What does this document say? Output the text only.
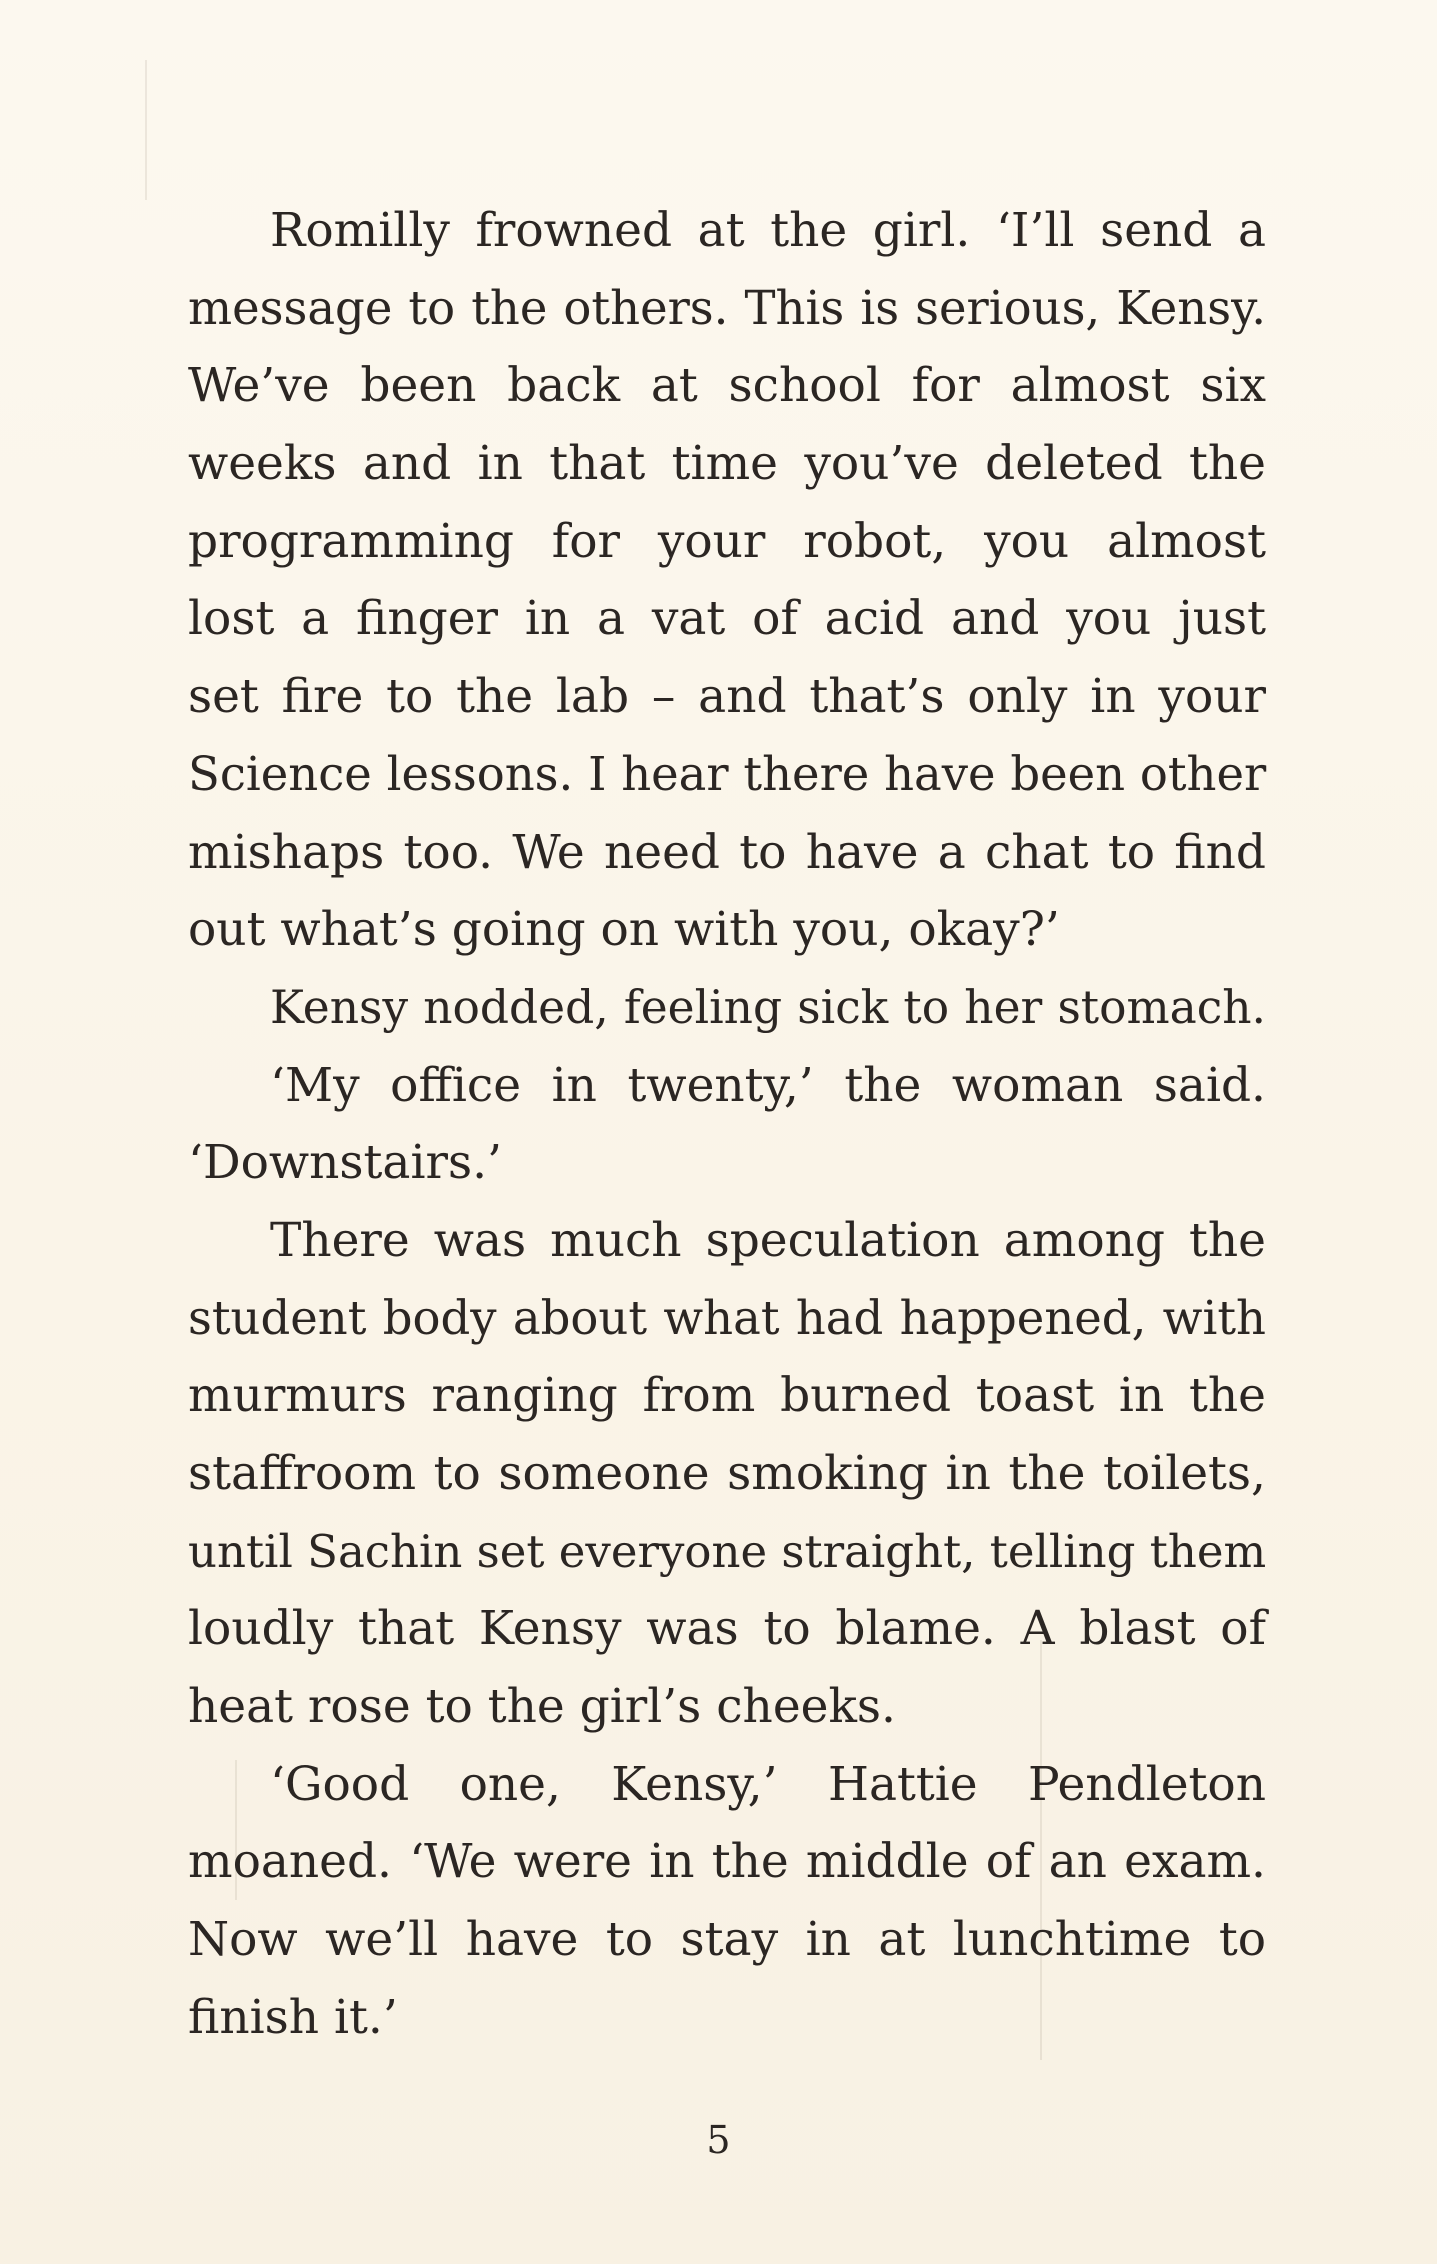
Romilly frowned at the girl. ‘I’ll send a
message to the others. This is serious, Kensy.
We’ve been back at school for almost six
weeks and in that time you’ve deleted the
programming for your robot, you almost
lost a finger in a vat of acid and you just
set fire to the lab – and that’s only in your
Science lessons. I hear there have been other
mishaps too. We need to have a chat to find
out what’s going on with you, okay?’
Kensy nodded, feeling sick to her stomach.
‘My office in twenty,’ the woman said.
‘Downstairs.’
There was much speculation among the
student body about what had happened, with
murmurs ranging from burned toast in the
staffroom to someone smoking in the toilets,
until Sachin set everyone straight, telling them
loudly that Kensy was to blame. A blast of
heat rose to the girl’s cheeks.
‘Good one, Kensy,’ Hattie Pendleton
moaned. ‘We were in the middle of an exam.
Now we’ll have to stay in at lunchtime to
finish it.’
5
